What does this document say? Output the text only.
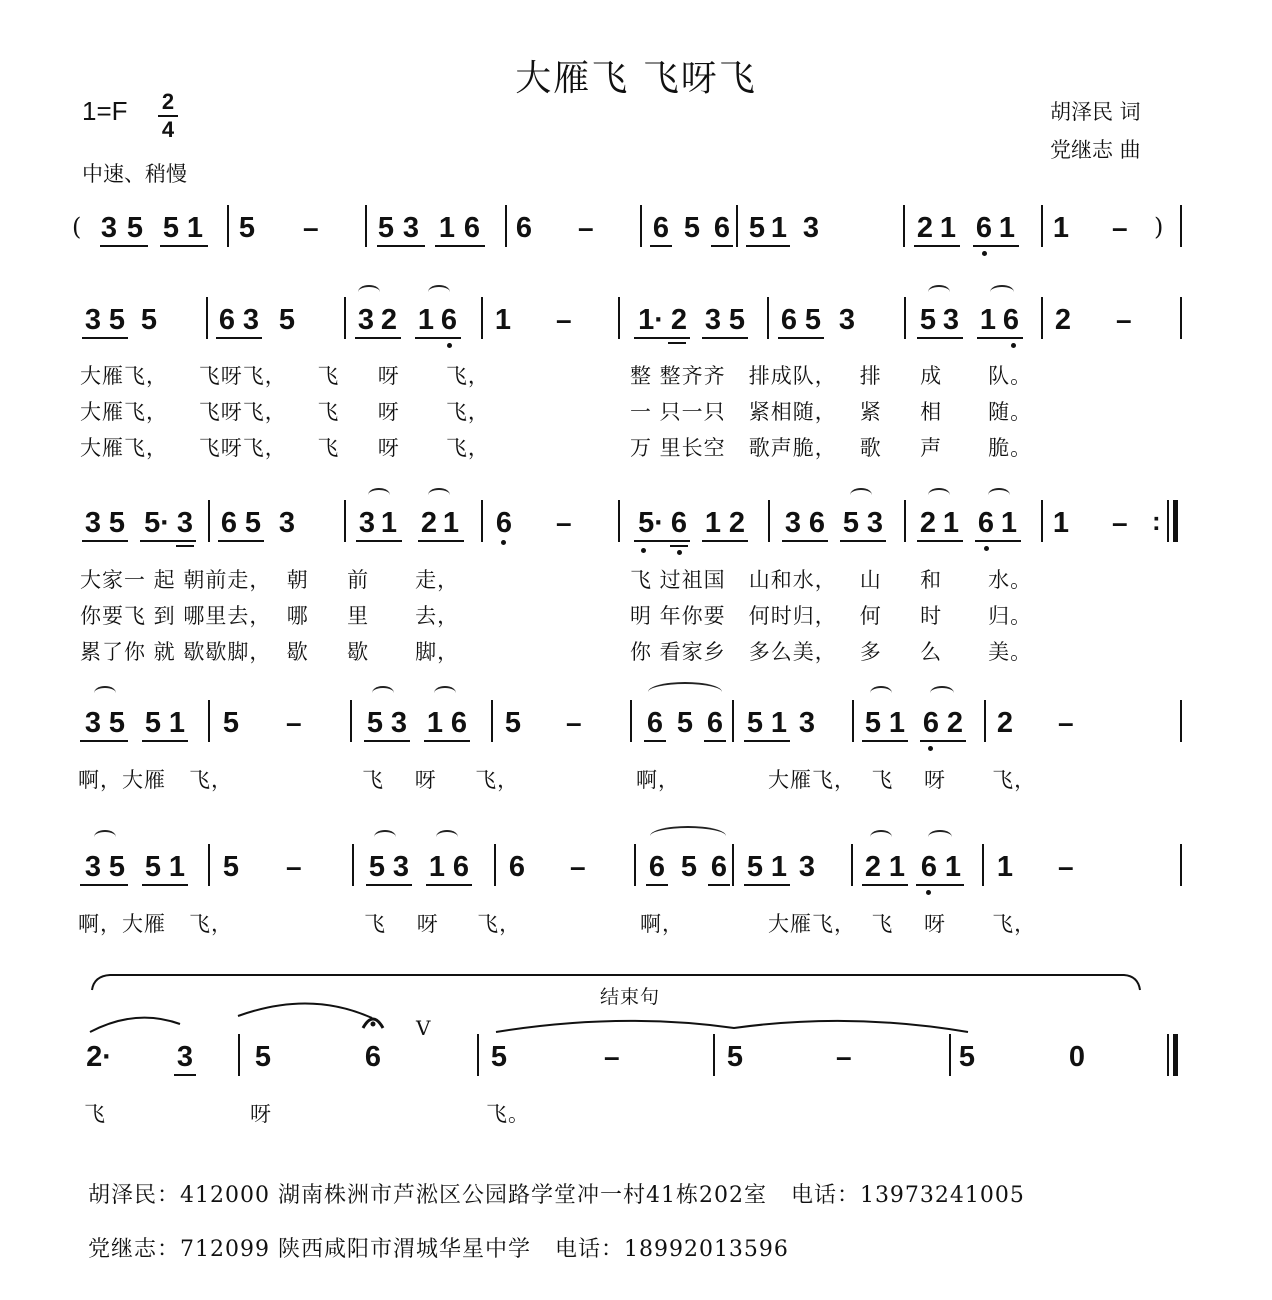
大雁飞 飞呀飞
1=F 2
4
中速、稍慢
胡泽民 词
党继志 曲
( 3 5 5 1 5 – 5 3 1 6 6 – 6 5 6 5 1 3	2 1 6 1 1 – )
3 5 5 6 3 5 3 2 1 6 1 – 1· 2 3 5 6 5 3 5 3 1 6 2 –
大雁飞，    飞呀飞，    飞     呀      飞，
大雁飞，    飞呀飞，    飞     呀      飞，
大雁飞，    飞呀飞，    飞     呀      飞，
整 整齐齐   排成队，   排     成      队。
一 只一只   紧相随，   紧     相      随。
万 里长空   歌声脆，   歌     声      脆。
3 5 5· 3 6 5 3 3 1 2 1 6 – 5· 6 1 2 3 6 5 3 2 1 6 1 1 – :
大家一 起 朝前走，  朝     前      走，
你要飞 到 哪里去，  哪     里      去，
累了你 就 歇歇脚，  歇     歇      脚，
飞 过祖国   山和水，   山     和      水。
明 年你要   何时归，   何     时      归。
你 看家乡   多么美，   多     么      美。
3 5 5 1 5 – 5 3 1 6 5 – 6 5 6 5 1 3 5 1 6 2 2 –
啊，大雁   飞，	飞    呀     飞，	啊，	大雁飞，  飞    呀      飞，
3 5 5 1 5 – 5 3 1 6 6 – 6 5 6 5 1 3 2 1 6 1 1 –
啊，大雁   飞，	飞    呀     飞，	啊，	大雁飞，  飞    呀      飞，
结束句
V
2· 3 5	6	5	–	5	–	5	0
飞	呀	飞。
胡泽民：412000 湖南株洲市芦淞区公园路学堂冲一村41栋202室   电话：13973241005
党继志：712099 陕西咸阳市渭城华星中学   电话：18992013596
